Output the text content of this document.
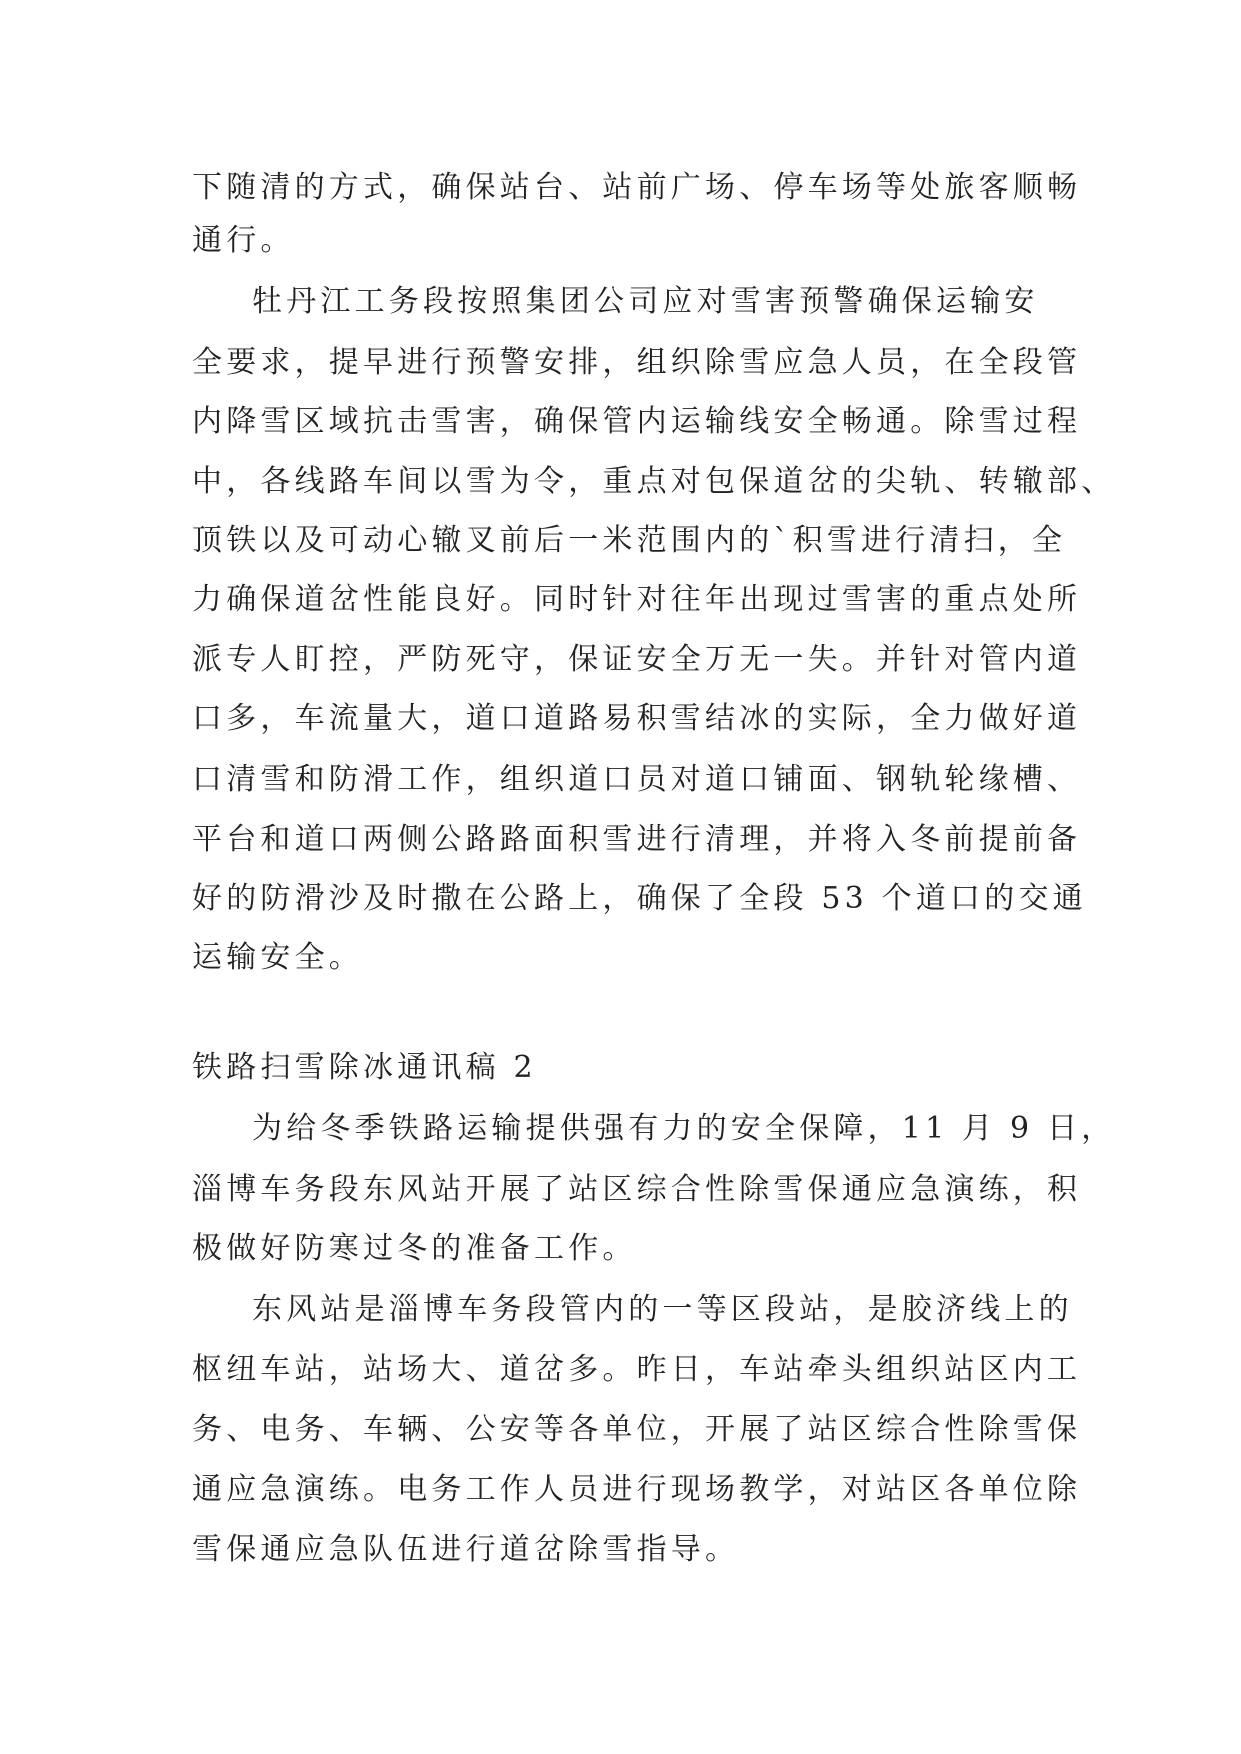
下随清的方式，确保站台、站前广场、停车场等处旅客顺畅
通行。
牡丹江工务段按照集团公司应对雪害预警确保运输安
全要求，提早进行预警安排，组织除雪应急人员，在全段管
内降雪区域抗击雪害，确保管内运输线安全畅通。除雪过程
中，各线路车间以雪为令，重点对包保道岔的尖轨、转辙部、
顶铁以及可动心辙叉前后一米范围内的`积雪进行清扫，全
力确保道岔性能良好。同时针对往年出现过雪害的重点处所
派专人盯控，严防死守，保证安全万无一失。并针对管内道
口多，车流量大，道口道路易积雪结冰的实际，全力做好道
口清雪和防滑工作，组织道口员对道口铺面、钢轨轮缘槽、
平台和道口两侧公路路面积雪进行清理，并将入冬前提前备
好的防滑沙及时撒在公路上，确保了全段 53 个道口的交通
运输安全。
铁路扫雪除冰通讯稿 2
为给冬季铁路运输提供强有力的安全保障，11 月 9 日，
淄博车务段东风站开展了站区综合性除雪保通应急演练，积
极做好防寒过冬的准备工作。
东风站是淄博车务段管内的一等区段站，是胶济线上的
枢纽车站，站场大、道岔多。昨日，车站牵头组织站区内工
务、电务、车辆、公安等各单位，开展了站区综合性除雪保
通应急演练。电务工作人员进行现场教学，对站区各单位除
雪保通应急队伍进行道岔除雪指导。
